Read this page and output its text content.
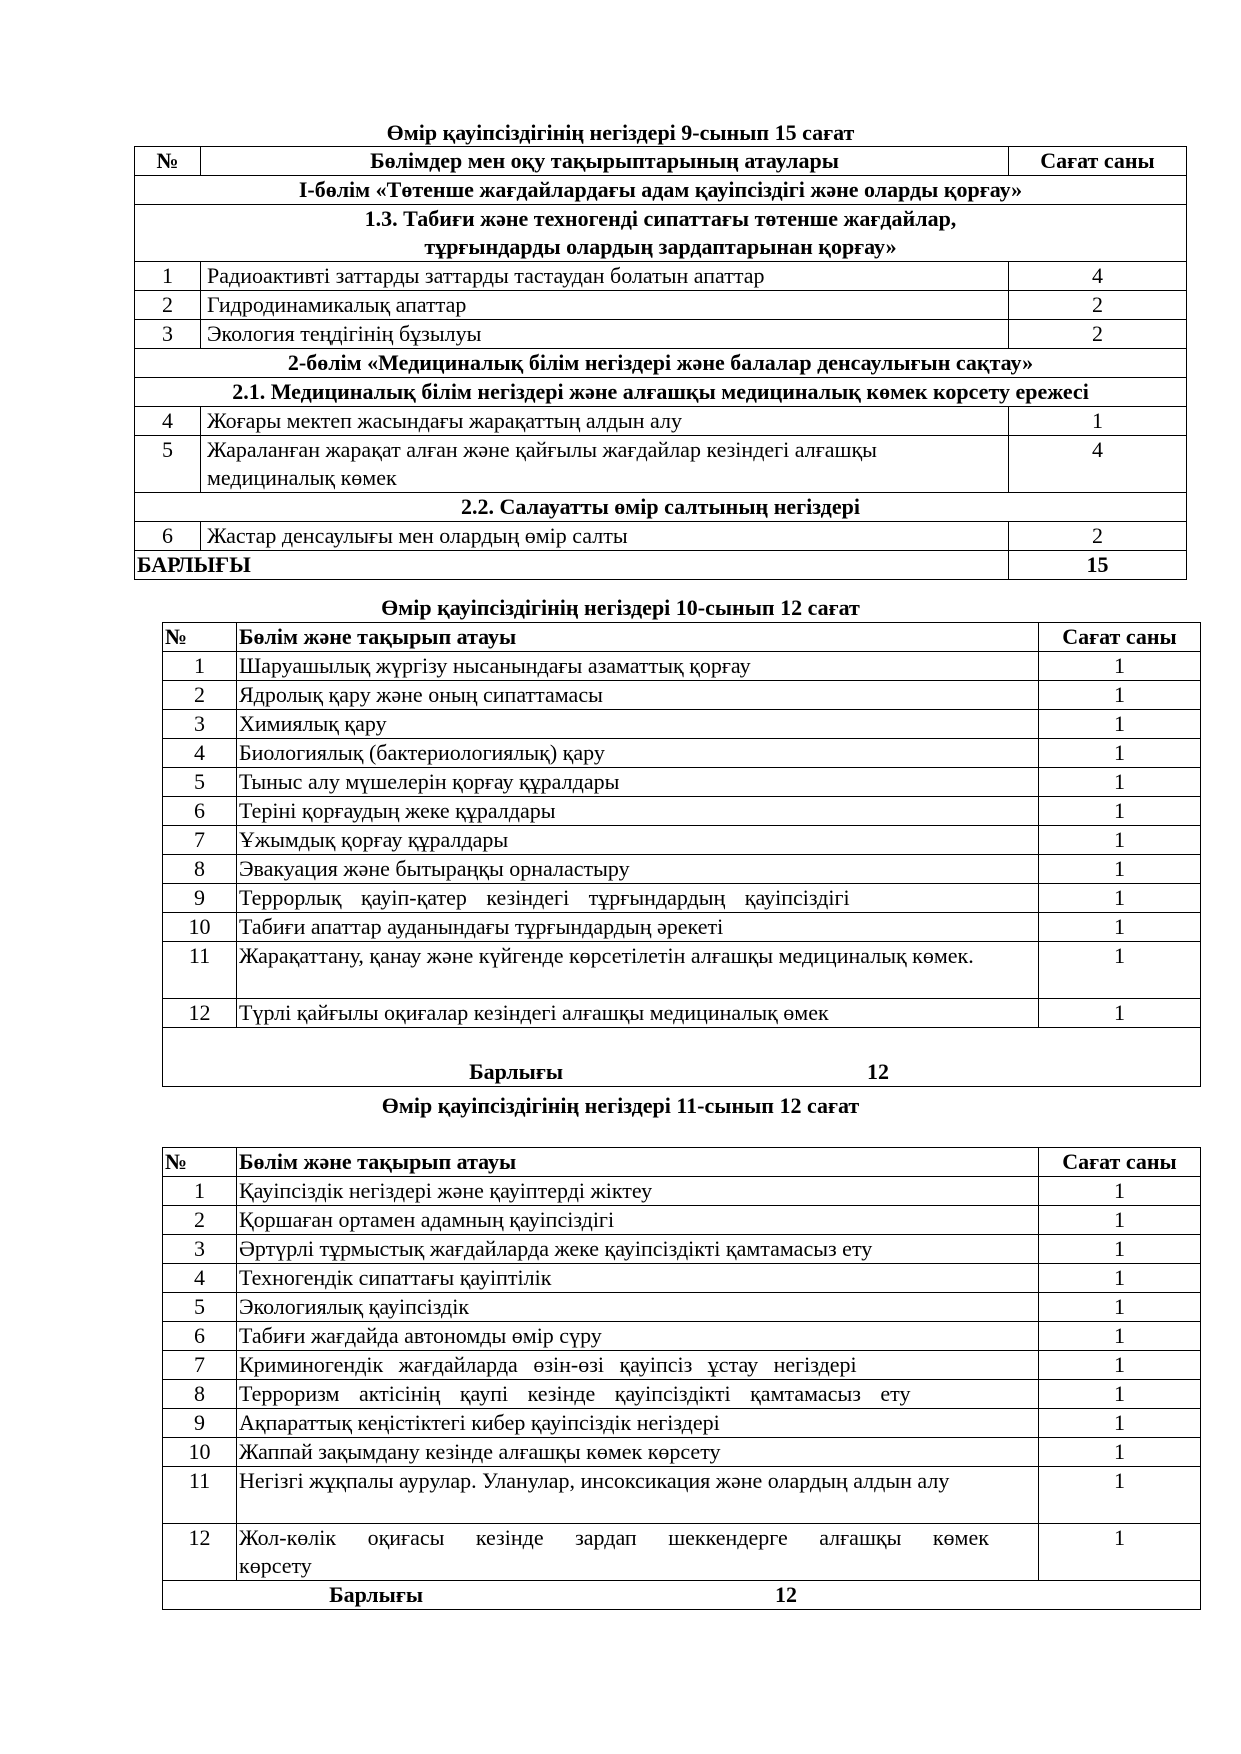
Өмір қауіпсіздігінің негіздері 9-сынып 15 сағат
№	Бөлімдер мен оқу тақырыптарының атаулары	Сағат саны
І-бөлім «Төтенше жағдайлардағы адам қауіпсіздігі және оларды қорғау»		
1.3. Табиғи және техногенді сипаттағы төтенше жағдайлар, тұрғындарды олардың зардаптарынан қорғау»		
1	Радиоактивті заттарды заттарды тастаудан болатын апаттар	4
2	Гидродинамикалық апаттар	2
3	Экология теңдігінің бұзылуы	2
2-бөлім «Медициналық білім негіздері және балалар денсаулығын сақтау»		
2.1. Медициналық білім негіздері және алғашқы медициналық көмек корсету ережесі		
4	Жоғары мектеп жасындағы жарақаттың алдын алу	1
5	Жараланған жарақат алған және қайғылы жағдайлар кезіндегі алғашқы медициналық көмек	4
2.2. Салауатты өмір салтының негіздері		
6	Жастар денсаулығы мен олардың өмір салты	2
БАРЛЫҒЫ		15
Өмір қауіпсіздігінің негіздері 10-сынып 12 сағат
№	Бөлім және тақырып атауы	Сағат саны
1	Шаруашылық жүргізу нысанындағы азаматтық қорғау	1
2	Ядролық қару және оның сипаттамасы	1
3	Химиялық қару	1
4	Биологиялық (бактериологиялық) қару	1
5	Тыныс алу мүшелерін қорғау құралдары	1
6	Теріні қорғаудың жеке құралдары	1
7	Ұжымдық қорғау құралдары	1
8	Эвакуация және бытыраңқы орналастыру	1
9	Террорлық қауіп-қатер кезіндегі тұрғындардың қауіпсіздігі	1
10	Табиғи апаттар ауданындағы тұрғындардың әрекеті	1
11	Жарақаттану, қанау және күйгенде көрсетілетін алғашқы медициналық көмек.	1
12	Түрлі қайғылы оқиғалар кезіндегі алғашқы медициналық өмек	1
Барлығы 12		
Өмір қауіпсіздігінің негіздері 11-сынып 12 сағат
№	Бөлім және тақырып атауы	Сағат саны
1	Қауіпсіздік негіздері және қауіптерді жіктеу	1
2	Қоршаған ортамен адамның қауіпсіздігі	1
3	Әртүрлі тұрмыстық жағдайларда жеке қауіпсіздікті қамтамасыз ету	1
4	Техногендік сипаттағы қауіптілік	1
5	Экологиялық қауіпсіздік	1
6	Табиғи жағдайда автономды өмір сүру	1
7	Криминогендік жағдайларда өзін-өзі қауіпсіз ұстау негіздері	1
8	Терроризм актісінің қаупі кезінде қауіпсіздікті қамтамасыз ету	1
9	Ақпараттық кеңістіктегі кибер қауіпсіздік негіздері	1
10	Жаппай зақымдану кезінде алғашқы көмек көрсету	1
11	Негізгі жұқпалы аурулар. Уланулар, инсоксикация және олардың алдын алу	1
12	Жол-көлік оқиғасы кезінде зардап шеккендерге алғашқы көмек көрсету	1
Барлығы 12		
